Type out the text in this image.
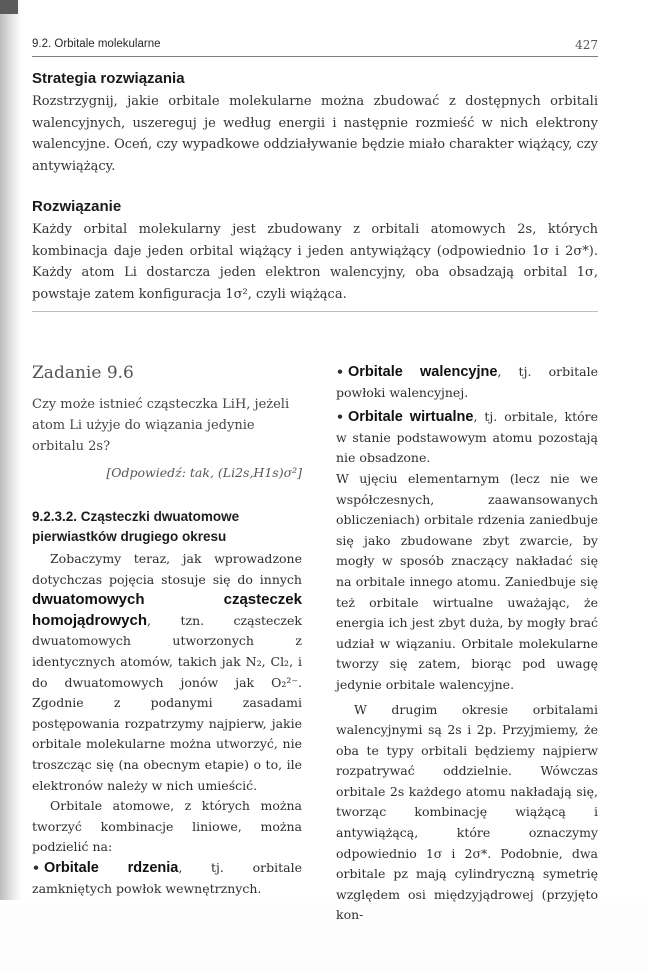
9.2. Orbitale molekularne	427
Strategia rozwiązania

Rozstrzygnij, jakie orbitale molekularne można zbudować z dostępnych orbitali walencyjnych, uszereguj je według energii i następnie rozmieść w nich elektrony walencyjne. Oceń, czy wypadkowe oddziaływanie będzie miało charakter wiążący, czy antywiążący.

Rozwiązanie

Każdy orbital molekularny jest zbudowany z orbitali atomowych 2s, których kombinacja daje jeden orbital wiążący i jeden antywiążący (odpowiednio 1σ i 2σ*). Każdy atom Li dostarcza jeden elektron walencyjny, oba obsadzają orbital 1σ, powstaje zatem konfiguracja 1σ², czyli wiążąca.

Zadanie 9.6

Czy może istnieć cząsteczka LiH, jeżeli atom Li użyje do wiązania jedynie orbitalu 2s?

[Odpowiedź: tak, (Li2s,H1s)σ²]

9.2.3.2. Cząsteczki dwuatomowe pierwiastków drugiego okresu

Zobaczymy teraz, jak wprowadzone dotychczas pojęcia stosuje się do innych dwuatomowych cząsteczek homojądrowych, tzn. cząsteczek dwuatomowych utworzonych z identycznych atomów, takich jak N₂, Cl₂, i do dwuatomowych jonów jak O₂²⁻. Zgodnie z podanymi zasadami postępowania rozpatrzymy najpierw, jakie orbitale molekularne można utworzyć, nie troszcząc się (na obecnym etapie) o to, ile elektronów należy w nich umieścić.

Orbitale atomowe, z których można tworzyć kombinacje liniowe, można podzielić na:

• Orbitale rdzenia, tj. orbitale zamkniętych powłok wewnętrznych.

• Orbitale walencyjne, tj. orbitale powłoki walencyjnej.

• Orbitale wirtualne, tj. orbitale, które w stanie podstawowym atomu pozostają nie obsadzone.

W ujęciu elementarnym (lecz nie we współczesnych, zaawansowanych obliczeniach) orbitale rdzenia zaniedbuje się jako zbudowane zbyt zwarcie, by mogły w sposób znaczący nakładać się na orbitale innego atomu. Zaniedbuje się też orbitale wirtualne uważając, że energia ich jest zbyt duża, by mogły brać udział w wiązaniu. Orbitale molekularne tworzy się zatem, biorąc pod uwagę jedynie orbitale walencyjne.

W drugim okresie orbitalami walencyjnymi są 2s i 2p. Przyjmiemy, że oba te typy orbitali będziemy najpierw rozpatrywać oddzielnie. Wówczas orbitale 2s każdego atomu nakładają się, tworząc kombinację wiążącą i antywiążącą, które oznaczymy odpowiednio 1σ i 2σ*. Podobnie, dwa orbitale pz mają cylindryczną symetrię względem osi międzyjądrowej (przyjęto kon-
